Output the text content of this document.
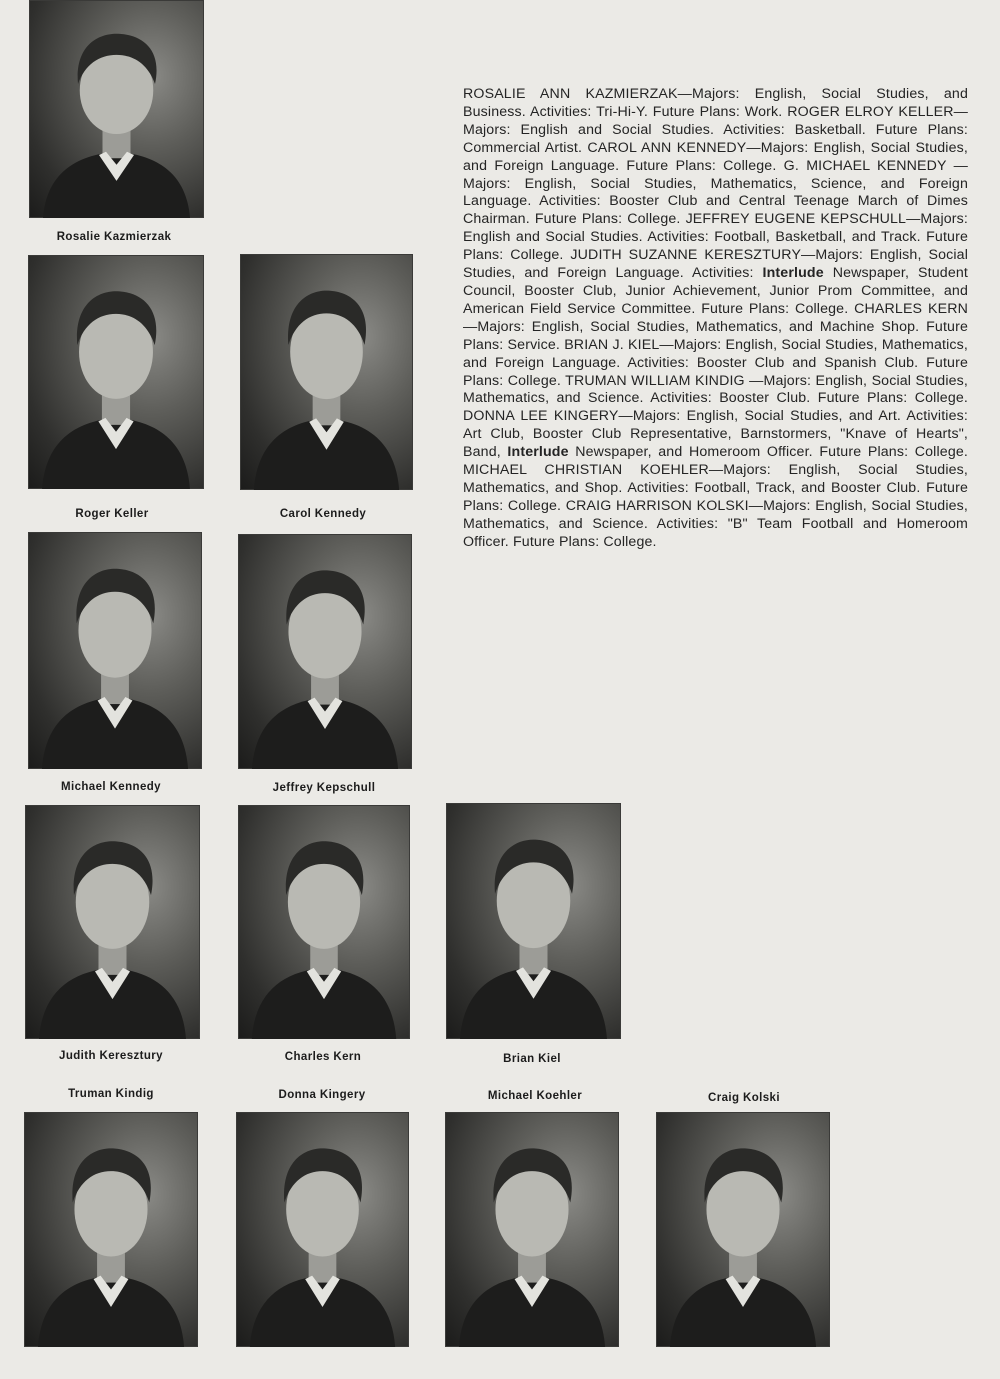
Rosalie Kazmierzak
Roger Keller	Carol Kennedy
Michael Kennedy	Jeffrey Kepschull
Judith Keresztury	Charles Kern	Brian Kiel
Truman Kindig	Donna Kingery	Michael Koehler	Craig Kolski
ROSALIE ANN KAZMIERZAK—Majors: English, Social Studies, and Business. Activities: Tri-Hi-Y. Future Plans: Work. ROGER ELROY KELLER—Majors: English and Social Studies. Activities: Basketball. Future Plans: Commercial Artist. CAROL ANN KENNEDY—Majors: English, Social Studies, and Foreign Language. Future Plans: College. G. MICHAEL KENNEDY — Majors: English, Social Studies, Mathematics, Science, and Foreign Language. Activities: Booster Club and Central Teenage March of Dimes Chairman. Future Plans: College. JEFFREY EUGENE KEPSCHULL—Majors: English and Social Studies. Activities: Football, Basketball, and Track. Future Plans: College. JUDITH SUZANNE KERESZTURY—Majors: English, Social Studies, and Foreign Language. Activities: Interlude Newspaper, Student Council, Booster Club, Junior Achievement, Junior Prom Committee, and American Field Service Committee. Future Plans: College. CHARLES KERN—Majors: English, Social Studies, Mathematics, and Machine Shop. Future Plans: Service. BRIAN J. KIEL—Majors: English, Social Studies, Mathematics, and Foreign Language. Activities: Booster Club and Spanish Club. Future Plans: College. TRUMAN WILLIAM KINDIG —Majors: English, Social Studies, Mathematics, and Science. Activities: Booster Club. Future Plans: College. DONNA LEE KINGERY—Majors: English, Social Studies, and Art. Activities: Art Club, Booster Club Representative, Barnstormers, "Knave of Hearts", Band, Interlude Newspaper, and Homeroom Officer. Future Plans: College. MICHAEL CHRISTIAN KOEHLER—Majors: English, Social Studies, Mathematics, and Shop. Activities: Football, Track, and Booster Club. Future Plans: College. CRAIG HARRISON KOLSKI—Majors: English, Social Studies, Mathematics, and Science. Activities: "B" Team Football and Homeroom Officer. Future Plans: College.
